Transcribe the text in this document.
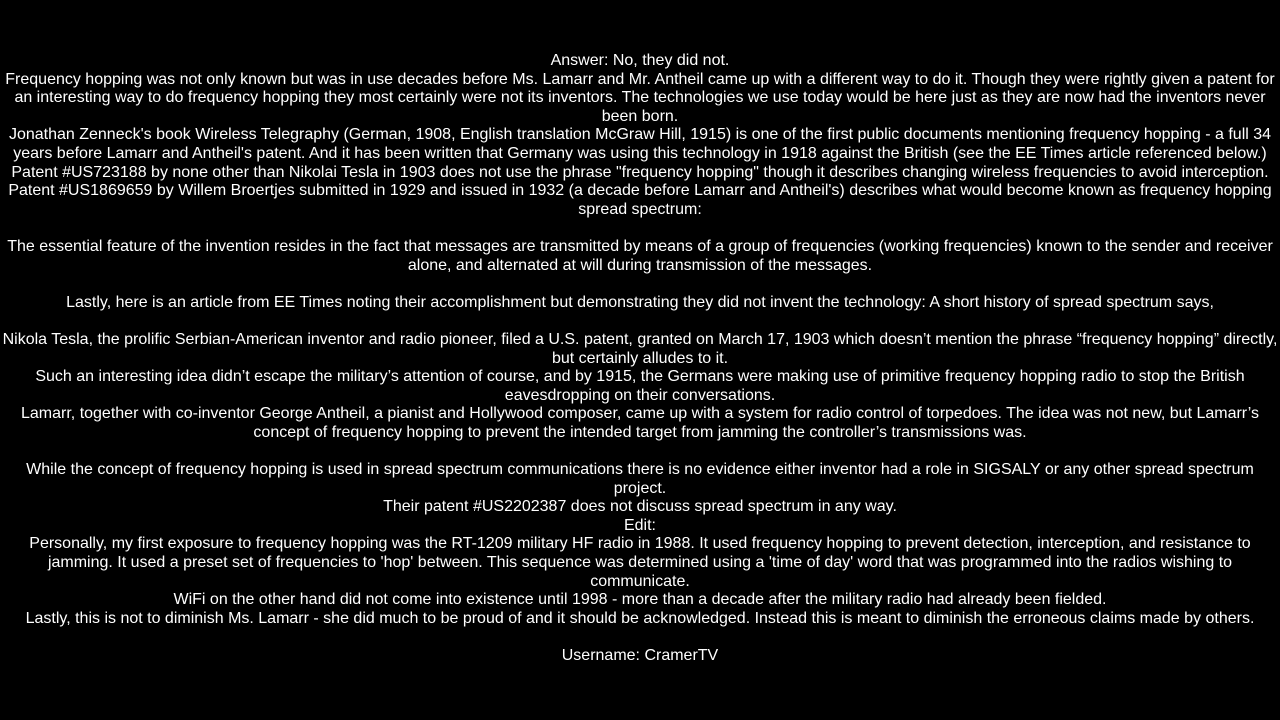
Answer: No, they did not.

Frequency hopping was not only known but was in use decades before Ms. Lamarr and Mr. Antheil came up with a different way to do it. Though they were rightly given a patent for an interesting way to do frequency hopping they most certainly were not its inventors. The technologies we use today would be here just as they are now had the inventors never been born.

Jonathan Zenneck's book Wireless Telegraphy (German, 1908, English translation McGraw Hill, 1915) is one of the first public documents mentioning frequency hopping - a full 34 years before Lamarr and Antheil's patent. And it has been written that Germany was using this technology in 1918 against the British (see the EE Times article referenced below.)

Patent #US723188 by none other than Nikolai Tesla in 1903 does not use the phrase "frequency hopping" though it describes changing wireless frequencies to avoid interception.

Patent #US1869659 by Willem Broertjes submitted in 1929 and issued in 1932 (a decade before Lamarr and Antheil's) describes what would become known as frequency hopping spread spectrum:

The essential feature of the invention resides in the fact that messages are transmitted by means of a group of frequencies (working frequencies) known to the sender and receiver alone, and alternated at will during transmission of the messages.

Lastly, here is an article from EE Times noting their accomplishment but demonstrating they did not invent the technology: A short history of spread spectrum says,

Nikola Tesla, the prolific Serbian-American inventor and radio pioneer, filed a U.S. patent, granted on March 17, 1903 which doesn’t mention the phrase “frequency hopping” directly, but certainly alludes to it.

Such an interesting idea didn’t escape the military’s attention of course, and by 1915, the Germans were making use of primitive frequency hopping radio to stop the British eavesdropping on their conversations.

Lamarr, together with co-inventor George Antheil, a pianist and Hollywood composer, came up with a system for radio control of torpedoes. The idea was not new, but Lamarr’s concept of frequency hopping to prevent the intended target from jamming the controller’s transmissions was.

While the concept of frequency hopping is used in spread spectrum communications there is no evidence either inventor had a role in SIGSALY or any other spread spectrum project.

Their patent #US2202387 does not discuss spread spectrum in any way.

Edit:

Personally, my first exposure to frequency hopping was the RT-1209 military HF radio in 1988. It used frequency hopping to prevent detection, interception, and resistance to jamming. It used a preset set of frequencies to 'hop' between. This sequence was determined using a 'time of day' word that was programmed into the radios wishing to communicate.

WiFi on the other hand did not come into existence until 1998 - more than a decade after the military radio had already been fielded.

Lastly, this is not to diminish Ms. Lamarr - she did much to be proud of and it should be acknowledged. Instead this is meant to diminish the erroneous claims made by others.

Username: CramerTV
